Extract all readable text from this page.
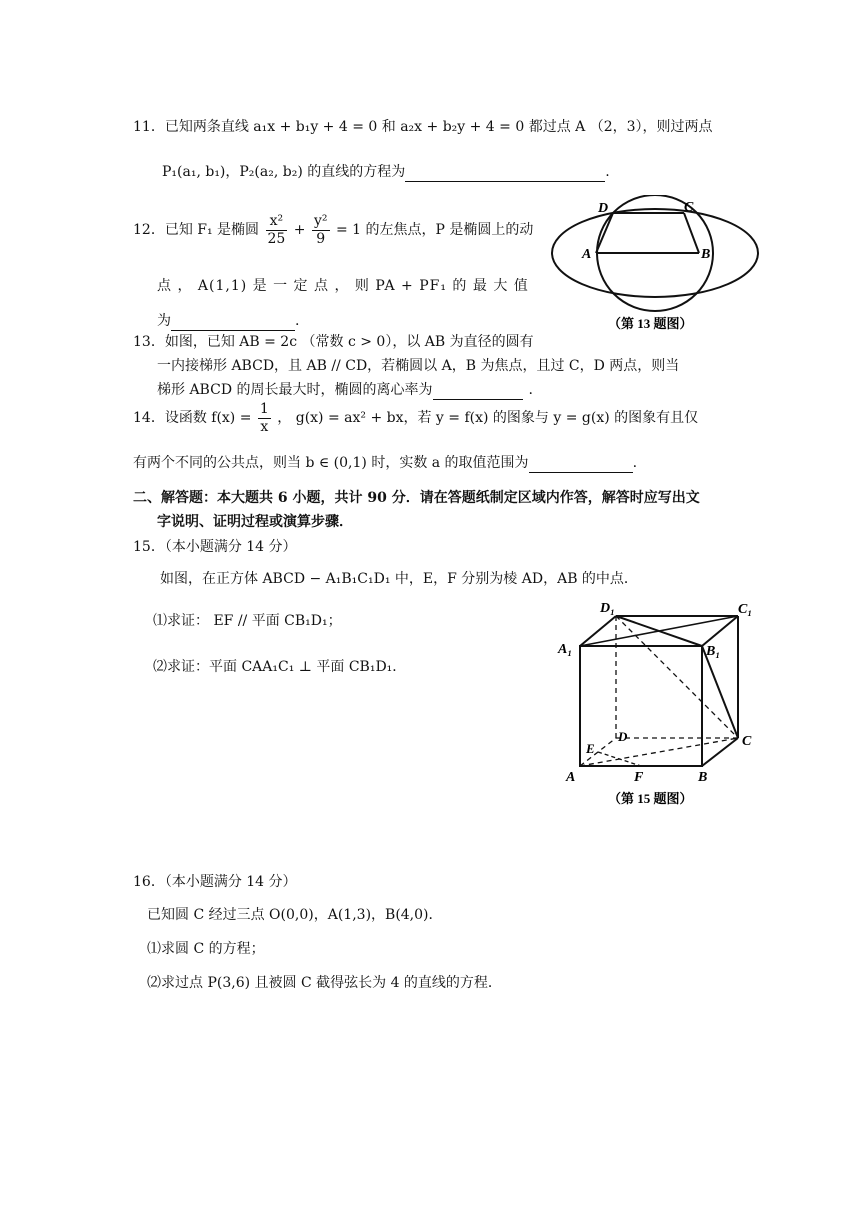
11．已知两条直线 a₁x + b₁y + 4 = 0 和 a₂x + b₂y + 4 = 0 都过点 A （2，3），则过两点
P₁(a₁, b₁)，P₂(a₂, b₂) 的直线的方程为	.
12．已知 F₁ 是椭圆 $\frac{\text{x²}}{25} + \frac{\text{y²}}{9} = 1$ 的左焦点，P 是椭圆上的动
点 ， A(1,1) 是 一 定 点 ， 则 PA + PF₁ 的 最 大 值
为	.
D	C
A	B
（第 13 题图）
13．如图，已知 AB = 2c （常数 c > 0），以 AB 为直径的圆有
一内接梯形 ABCD，且 AB // CD，若椭圆以 A，B 为焦点，且过 C，D 两点，则当
梯形 ABCD 的周长最大时，椭圆的离心率为	.
14．设函数 $f(x) = \frac{1}{x}$ ， g(x) = ax² + bx，若 y = f(x) 的图象与 y = g(x) 的图象有且仅
有两个不同的公共点，则当 b ∈ (0,1) 时，实数 a 的取值范围为	.
二、解答题：本大题共 6 小题，共计 90 分．请在答题纸制定区域内作答，解答时应写出文
字说明、证明过程或演算步骤．
15．（本小题满分 14 分）
如图，在正方体 ABCD − A₁B₁C₁D₁ 中，E，F 分别为棱 AD，AB 的中点．
⑴求证： EF // 平面 CB₁D₁；
⑵求证：平面 CAA₁C₁ ⊥ 平面 CB₁D₁．
D₁	C₁
A₁	B₁
D	C
E
A	F	B
（第 15 题图）
16．（本小题满分 14 分）
已知圆 C 经过三点 O(0,0)，A(1,3)，B(4,0)．
⑴求圆 C 的方程；
⑵求过点 P(3,6) 且被圆 C 截得弦长为 4 的直线的方程．
